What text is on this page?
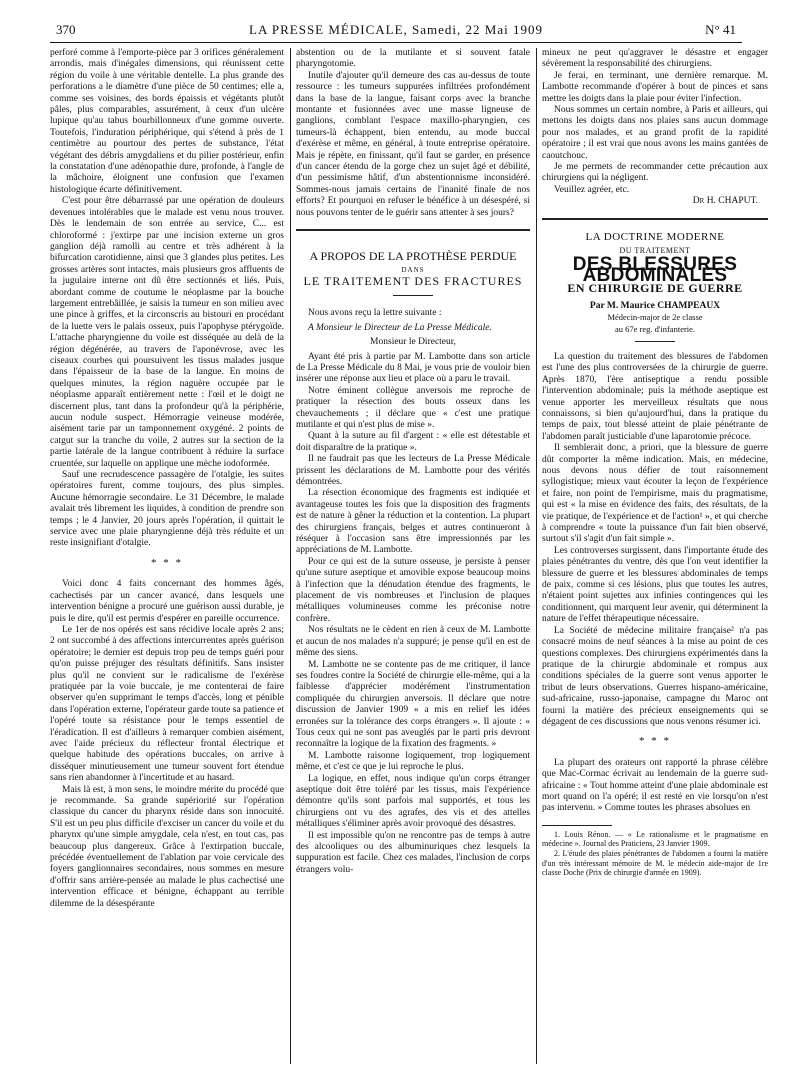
370	LA PRESSE MÉDICALE, Samedi, 22 Mai 1909	N° 41

perforé comme à l'emporte-pièce par 3 orifices généralement arrondis, mais d'inégales dimensions, qui réunissent cette région du voile à une véritable dentelle. La plus grande des perforations a le diamètre d'une pièce de 50 centimes; elle a, comme ses voisines, des bords épaissis et végétants plutôt pâles, plus comparables, assurément, à ceux d'un ulcère lupique qu'au tabus bourbillonneux d'une gomme ouverte. Toutefois, l'induration périphérique, qui s'étend à près de 1 centimètre au pourtour des pertes de substance, l'état végétant des débris amygdaliens et du pilier postérieur, enfin la constatation d'une adénopathie dure, profonde, à l'angle de la mâchoire, éloignent une confusion que l'examen histologique écarte définitivement.

C'est pour être débarrassé par une opération de douleurs devenues intolérables que le malade est venu nous trouver. Dès le lendemain de son entrée au service, C... est chloroformé : j'extirpe par une incision externe un gros ganglion déjà ramolli au centre et très adhérent à la bifurcation carotidienne, ainsi que 3 glandes plus petites. Les grosses artères sont intactes, mais plusieurs gros affluents de la jugulaire interne ont dû être sectionnés et liés. Puis, abordant comme de coutume le néoplasme par la bouche largement entrebâillée, je saisis la tumeur en son milieu avec une pince à griffes, et la circonscris au bistouri en procédant de la luette vers le palais osseux, puis l'apophyse ptérygoïde. L'attache pharyngienne du voile est disséquée au delà de la région dégénérée, au travers de l'aponévrose, avec les ciseaux courbes qui poursuivent les tissus malades jusque dans l'épaisseur de la base de la langue. En moins de quelques minutes, la région naguère occupée par le néoplasme apparaît entièrement nette : l'œil et le doigt ne discernent plus, tant dans la profondeur qu'à la périphérie, aucun nodule suspect. Hémorragie veineuse modérée, aisément tarie par un tamponnement oxygéné. 2 points de catgut sur la tranche du voile, 2 autres sur la section de la partie latérale de la langue contribuent à réduire la surface cruentée, sur laquelle on applique une mèche iodoformée.

Sauf une recrudescence passagère de l'otalgie, les suites opératoires furent, comme toujours, des plus simples. Aucune hémorragie secondaire. Le 31 Décembre, le malade avalait très librement les liquides, à condition de prendre son temps ; le 4 Janvier, 20 jours après l'opération, il quittait le service avec une plaie pharyngienne déjà très réduite et un reste insignifiant d'otalgie.

* * *

Voici donc 4 faits concernant des hommes âgés, cachectisés par un cancer avancé, dans lesquels une intervention bénigne a procuré une guérison aussi durable, je puis le dire, qu'il est permis d'espérer en pareille occurrence.

Le 1er de nos opérés est sans récidive locale après 2 ans; 2 ont succombé à des affections intercurrentes après guérison opératoire; le dernier est depuis trop peu de temps guéri pour qu'on puisse préjuger des résultats définitifs. Sans insister plus qu'il ne convient sur le radicalisme de l'exérèse pratiquée par la voie buccale, je me contenterai de faire observer qu'en supprimant le temps d'accès, long et pénible dans l'opération externe, l'opérateur garde toute sa patience et l'opéré toute sa résistance pour le temps essentiel de l'éradication. Il est d'ailleurs à remarquer combien aisément, avec l'aide précieux du réflecteur frontal électrique et quelque habitude des opérations buccales, on arrive à disséquer minutieusement une tumeur souvent fort étendue sans rien abandonner à l'incertitude et au hasard.

Mais là est, à mon sens, le moindre mérite du procédé que je recommande. Sa grande supériorité sur l'opération classique du cancer du pharynx réside dans son innocuité. S'il est un peu plus difficile d'exciser un cancer du voile et du pharynx qu'une simple amygdale, cela n'est, en tout cas, pas beaucoup plus dangereux. Grâce à l'extirpation buccale, précédée éventuellement de l'ablation par voie cervicale des foyers ganglionnaires secondaires, nous sommes en mesure d'offrir sans arrière-pensée au malade le plus cachectisé une intervention efficace et bénigne, échappant au terrible dilemme de la désespérante

abstention ou de la mutilante et si souvent fatale pharyngotomie.

Inutile d'ajouter qu'il demeure des cas au-dessus de toute ressource : les tumeurs suppurées infiltrées profondément dans la base de la langue, faisant corps avec la branche montante et fusionnées avec une masse ligneuse de ganglions, comblant l'espace maxillo-pharyngien, ces tumeurs-là échappent, bien entendu, au mode buccal d'exérèse et même, en général, à toute entreprise opératoire. Mais je répète, en finissant, qu'il faut se garder, en présence d'un cancer étendu de la gorge chez un sujet âgé et débilité, d'un pessimisme hâtif, d'un abstentionnisme inconsidéré. Sommes-nous jamais certains de l'inanité finale de nos efforts? Et pourquoi en refuser le bénéfice à un désespéré, si nous pouvons tenter de le guérir sans attenter à ses jours?

A PROPOS DE LA PROTHÈSE PERDUE
DANS
LE TRAITEMENT DES FRACTURES

Nous avons reçu la lettre suivante :

A Monsieur le Directeur de La Presse Médicale.

Monsieur le Directeur,

Ayant été pris à partie par M. Lambotte dans son article de La Presse Médicale du 8 Mai, je vous prie de vouloir bien insérer une réponse aux lieu et place où a paru le travail.

Notre éminent collègue anversois me reproche de pratiquer la résection des bouts osseux dans les chevauchements ; il déclare que « c'est une pratique mutilante et qui n'est plus de mise ».

Quant à la suture au fil d'argent : « elle est détestable et doit disparaître de la pratique ».

Il ne faudrait pas que les lecteurs de La Presse Médicale prissent les déclarations de M. Lambotte pour des vérités démontrées.

La résection économique des fragments est indiquée et avantageuse toutes les fois que la disposition des fragments est de nature à gêner la réduction et la contention. La plupart des chirurgiens français, belges et autres continueront à réséquer à l'occasion sans être impressionnés par les appréciations de M. Lambotte.

Pour ce qui est de la suture osseuse, je persiste à penser qu'une suture aseptique et amovible expose beaucoup moins à l'infection que la dénudation étendue des fragments, le placement de vis nombreuses et l'inclusion de plaques métalliques volumineuses comme les préconise notre confrère.

Nos résultats ne le cèdent en rien à ceux de M. Lambotte et aucun de nos malades n'a suppuré; je pense qu'il en est de même des siens.

M. Lambotte ne se contente pas de me critiquer, il lance ses foudres contre la Société de chirurgie elle-même, qui a la faiblesse d'apprécier modérément l'instrumentation compliquée du chirurgien anversois. Il déclare que notre discussion de Janvier 1909 « a mis en relief les idées erronées sur la tolérance des corps étrangers ». Il ajoute : « Tous ceux qui ne sont pas aveuglés par le parti pris devront reconnaître la logique de la fixation des fragments. »

M. Lambotte raisonne logiquement, trop logiquement même, et c'est ce que je lui reproche le plus.

La logique, en effet, nous indique qu'un corps étranger aseptique doit être toléré par les tissus, mais l'expérience démontre qu'ils sont parfois mal supportés, et tous les chirurgiens ont vu des agrafes, des vis et des attelles métalliques s'éliminer après avoir provoqué des désastres.

Il est impossible qu'on ne rencontre pas de temps à autre des alcooliques ou des albuminuriques chez lesquels la suppuration est facile. Chez ces malades, l'inclusion de corps étrangers volu-

mineux ne peut qu'aggraver le désastre et engager sévèrement la responsabilité des chirurgiens.

Je ferai, en terminant, une dernière remarque. M. Lambotte recommande d'opérer à bout de pinces et sans mettre les doigts dans la plaie pour éviter l'infection.

Nous sommes un certain nombre, à Paris et ailleurs, qui mettons les doigts dans nos plaies sans aucun dommage pour nos malades, et au grand profit de la rapidité opératoire ; il est vrai que nous avons les mains gantées de caoutchouc.

Je me permets de recommander cette précaution aux chirurgiens qui la négligent.

Veuillez agréer, etc.

Dr H. CHAPUT.

LA DOCTRINE MODERNE

DU TRAITEMENT

DES BLESSURES ABDOMINALES

EN CHIRURGIE DE GUERRE

Par M. Maurice CHAMPEAUX

Médecin-major de 2e classe

au 67e reg. d'infanterie.

La question du traitement des blessures de l'abdomen est l'une des plus controversées de la chirurgie de guerre. Après 1870, l'ère antiseptique a rendu possible l'intervention abdominale; puis la méthode aseptique est venue apporter les merveilleux résultats que nous connaissons, si bien qu'aujourd'hui, dans la pratique du temps de paix, tout blessé atteint de plaie pénétrante de l'abdomen paraît justiciable d'une laparotomie précoce.

Il semblerait donc, a priori, que la blessure de guerre dût comporter la même indication. Mais, en médecine, nous devons nous défier de tout raisonnement syllogistique; mieux vaut écouter la leçon de l'expérience et faire, non point de l'empirisme, mais du pragmatisme, qui est « la mise en évidence des faits, des résultats, de la vie pratique, de l'expérience et de l'action¹ », et qui cherche à comprendre « toute la puissance d'un fait bien observé, surtout s'il s'agit d'un fait simple ».

Les controverses surgissent, dans l'importante étude des plaies pénétrantes du ventre, dès que l'on veut identifier la blessure de guerre et les blessures abdominales de temps de paix, comme si ces lésions, plus que toutes les autres, n'étaient point sujettes aux infinies contingences qui les conditionnent, qui marquent leur avenir, qui déterminent la nature de l'effet thérapeutique nécessaire.

La Société de médecine militaire française² n'a pas consacré moins de neuf séances à la mise au point de ces questions complexes. Des chirurgiens expérimentés dans la pratique de la chirurgie abdominale et rompus aux conditions spéciales de la guerre sont venus apporter le tribut de leurs observations. Guerres hispano-américaine, sud-africaine, russo-japonaise, campagne du Maroc ont fourni la matière des précieux enseignements qui se dégagent de ces discussions que nous venons résumer ici.

* * *

La plupart des orateurs ont rapporté la phrase célèbre que Mac-Cormac écrivait au lendemain de la guerre sud-africaine : « Tout homme atteint d'une plaie abdominale est mort quand on l'a opéré; il est resté en vie lorsqu'on n'est pas intervenu. » Comme toutes les phrases absolues en

1. Louis Rénon. — « Le rationalisme et le pragmatisme en médecine ». Journal des Praticiens, 23 Janvier 1909.

2. L'étude des plaies pénétrantes de l'abdomen a fourni la matière d'un très intéressant mémoire de M. le médecin aide-major de 1re classe Doche (Prix de chirurgie d'armée en 1909).
